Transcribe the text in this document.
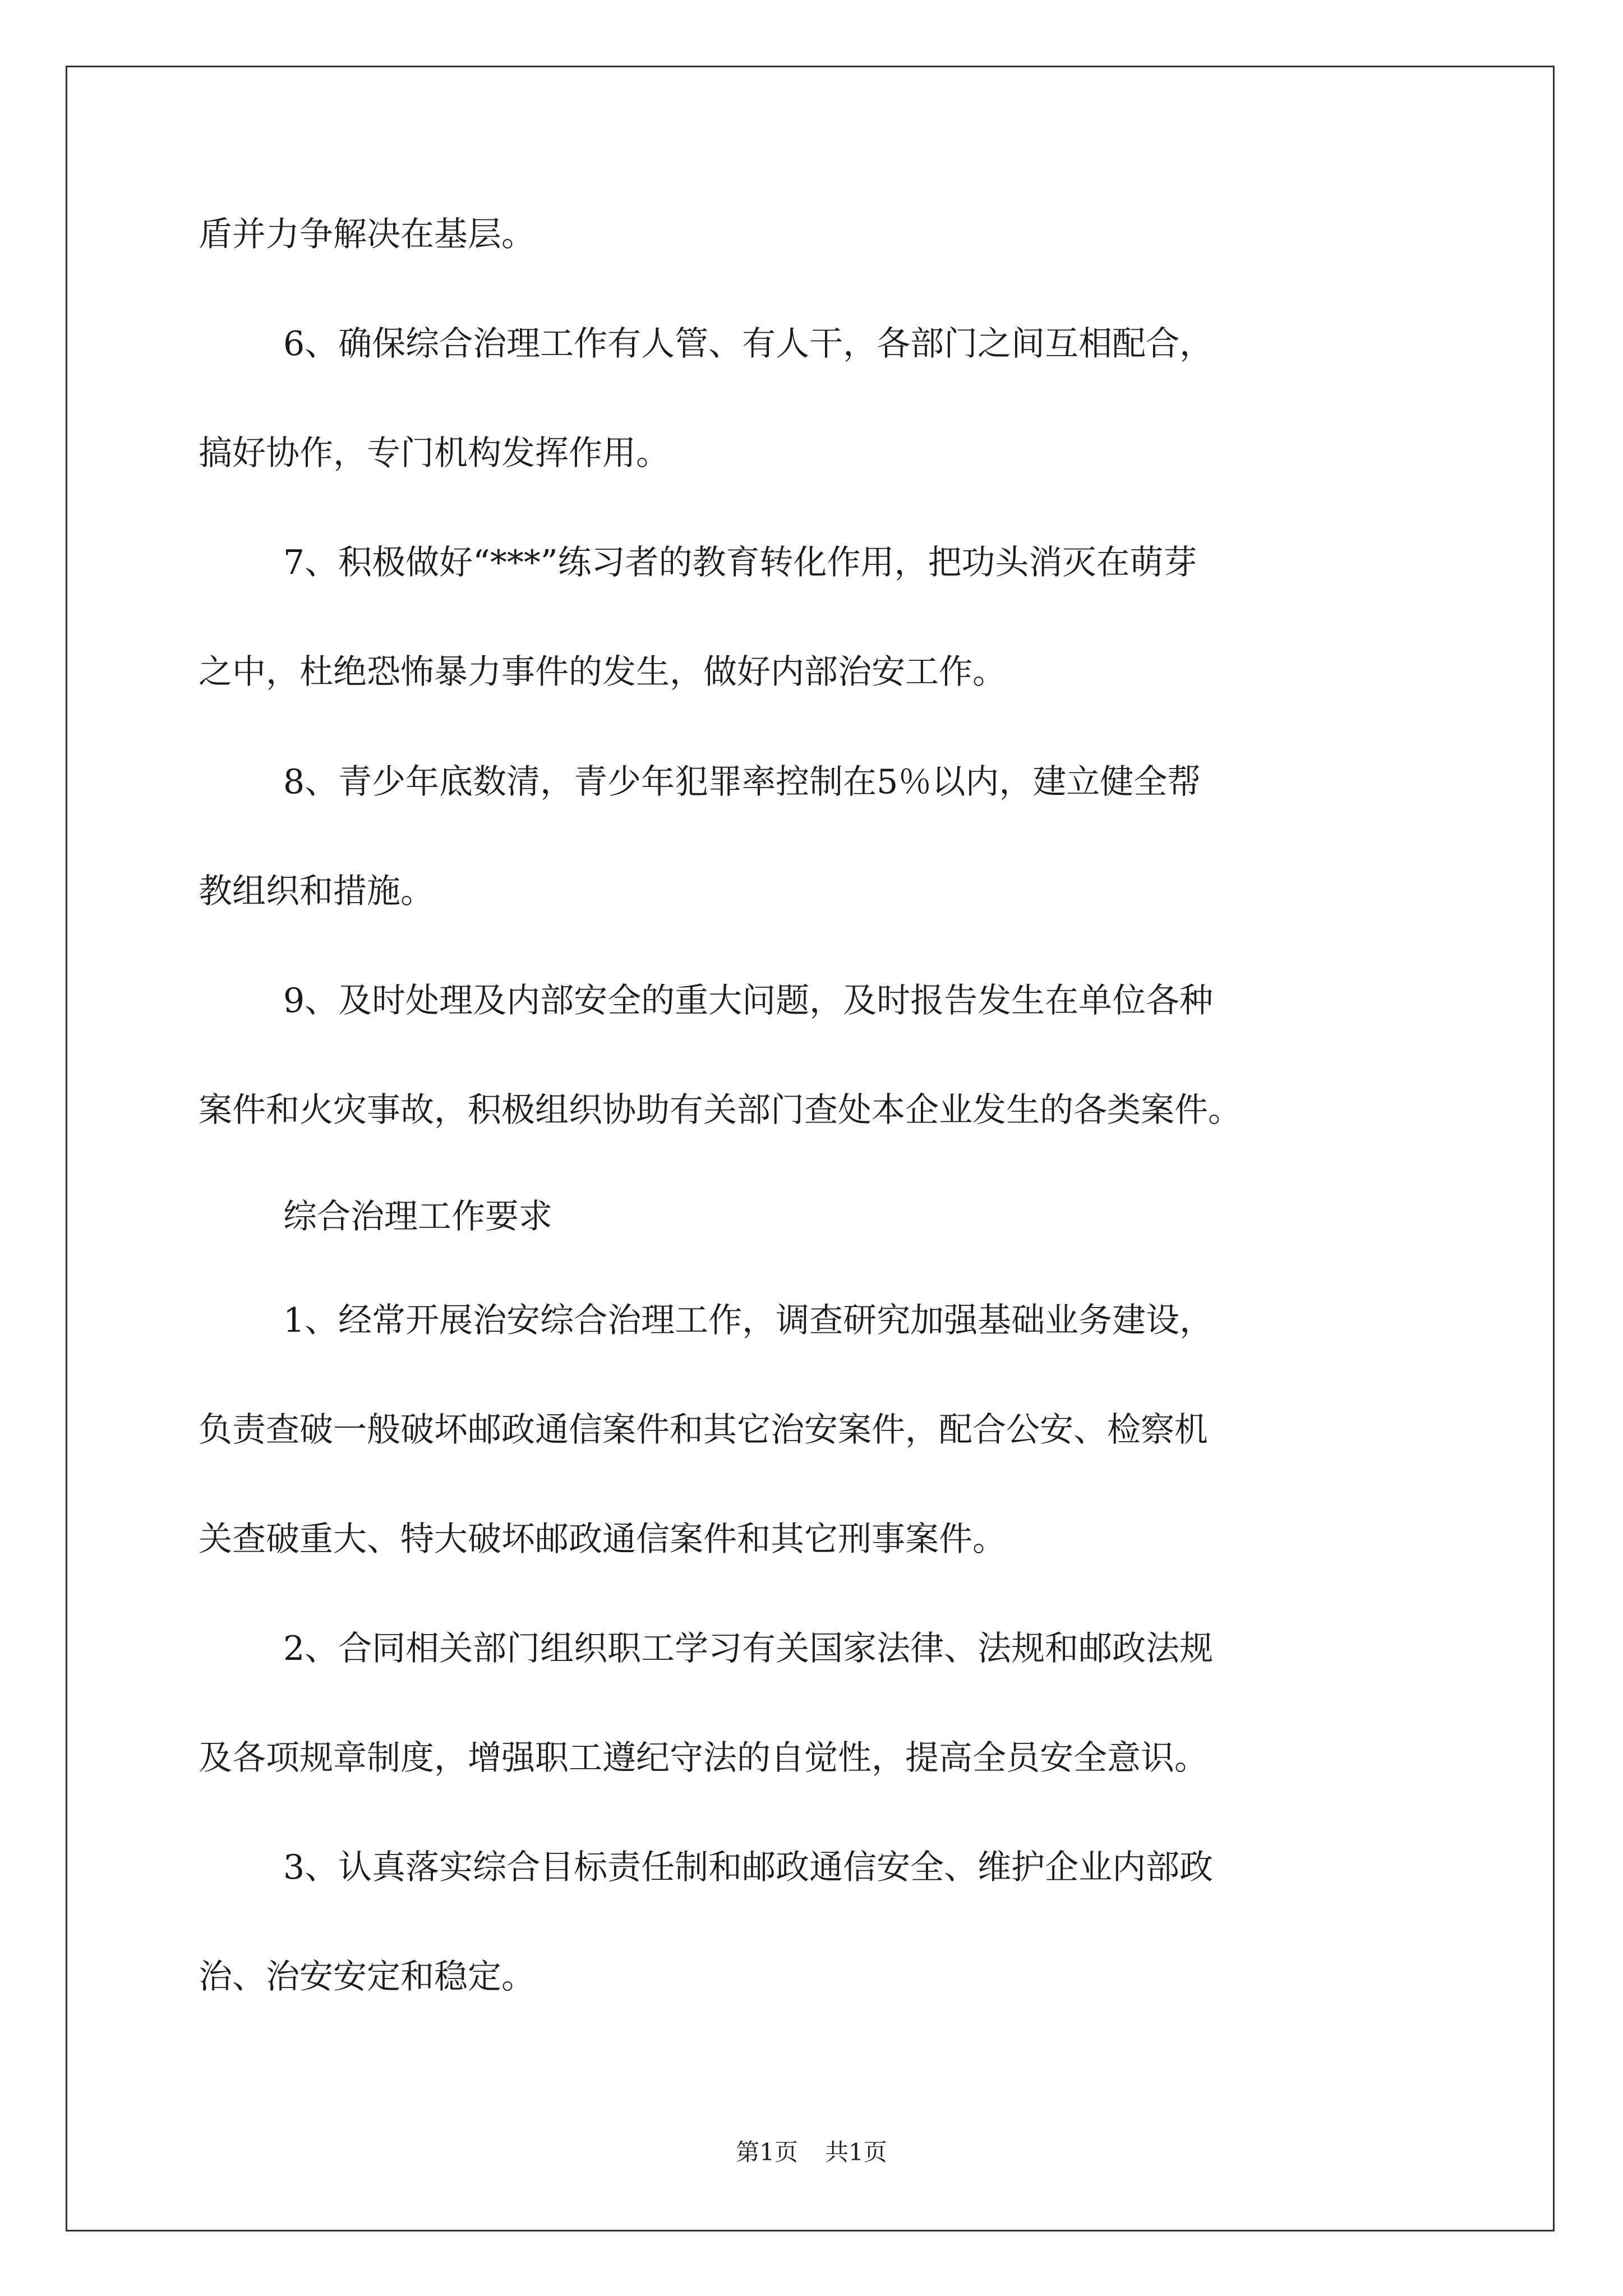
盾并力争解决在基层。

6、确保综合治理工作有人管、有人干，各部门之间互相配合，

搞好协作，专门机构发挥作用。

7、积极做好“***”练习者的教育转化作用，把功头消灭在萌芽

之中，杜绝恐怖暴力事件的发生，做好内部治安工作。

8、青少年底数清，青少年犯罪率控制在5％以内，建立健全帮

教组织和措施。

9、及时处理及内部安全的重大问题，及时报告发生在单位各种

案件和火灾事故，积极组织协助有关部门查处本企业发生的各类案件。

综合治理工作要求

1、经常开展治安综合治理工作，调查研究加强基础业务建设，

负责查破一般破坏邮政通信案件和其它治安案件，配合公安、检察机

关查破重大、特大破坏邮政通信案件和其它刑事案件。

2、合同相关部门组织职工学习有关国家法律、法规和邮政法规

及各项规章制度，增强职工遵纪守法的自觉性，提高全员安全意识。

3、认真落实综合目标责任制和邮政通信安全、维护企业内部政

治、治安安定和稳定。

第1页 共1页
